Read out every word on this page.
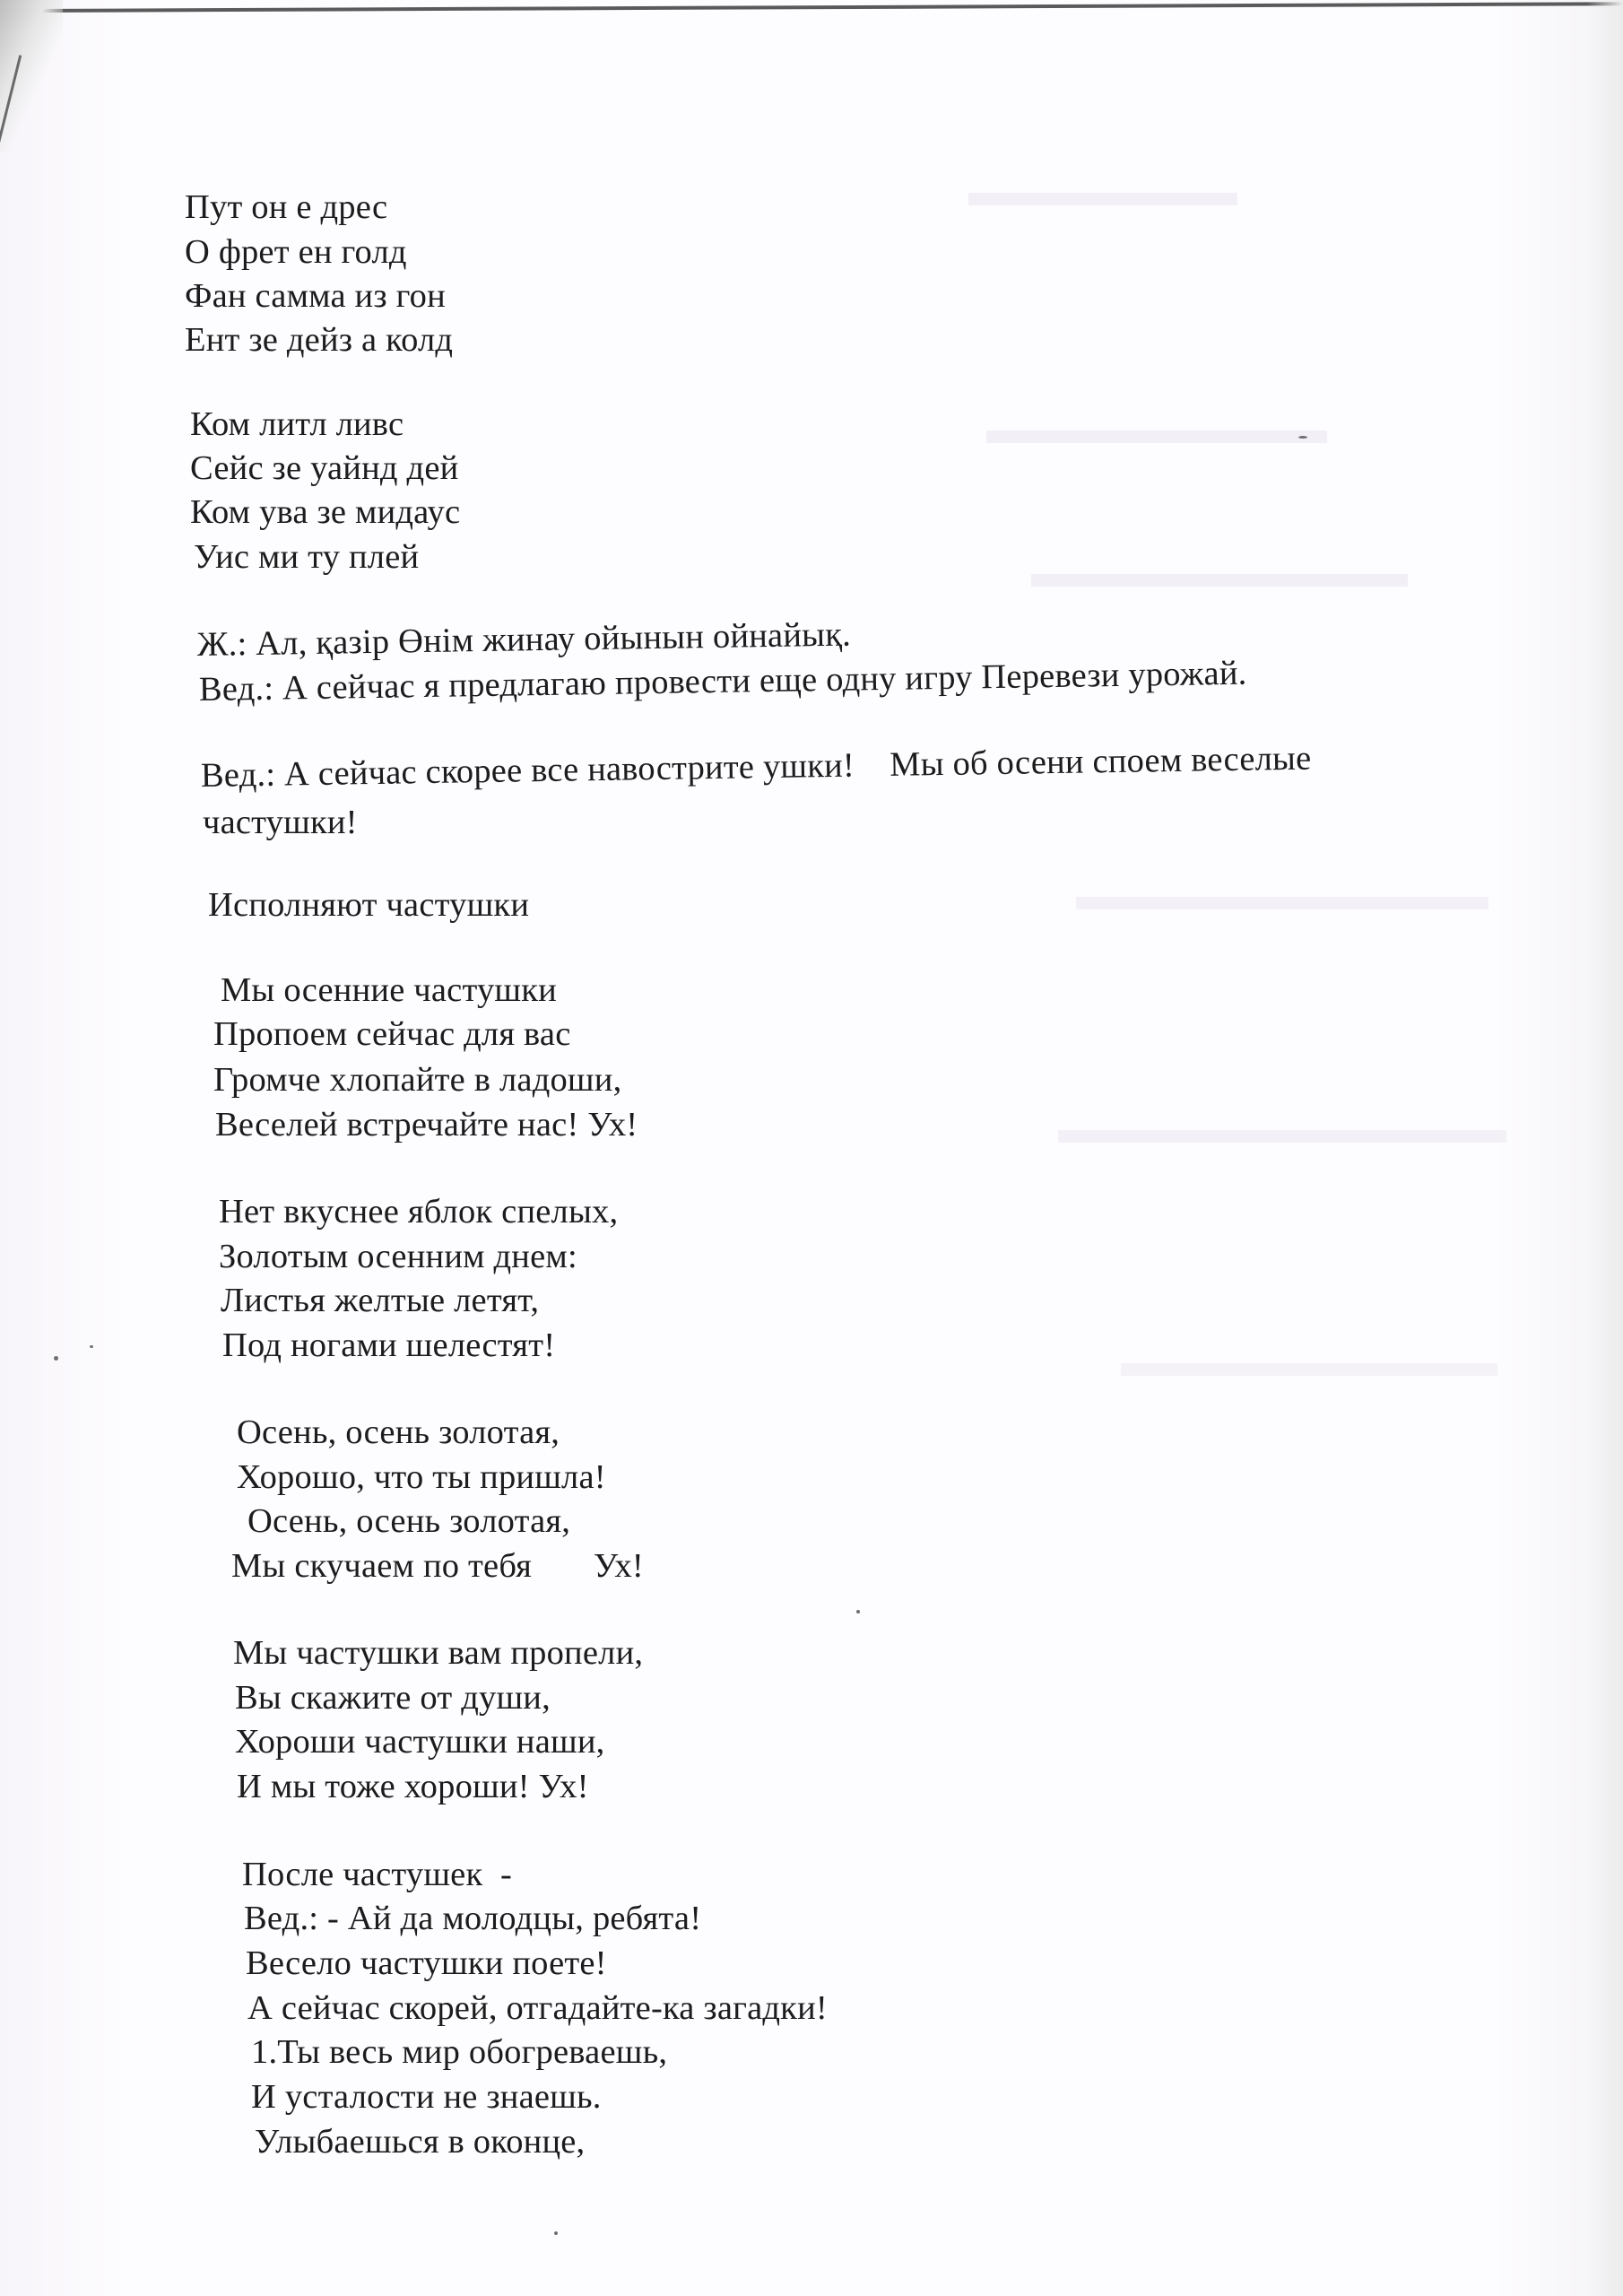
Пут он е дрес
О фрет ен голд
Фан самма из гон
Ент зе дейз а колд
Ком литл ливс
Сейс зе уайнд дей
Ком ува зе мидаус
Уис ми ту плей
Ж.: Ал, қазір Өнім жинау ойынын ойнайық.
Вед.: А сейчас я предлагаю провести еще одну игру Перевези урожай.
Вед.: А сейчас скорее все навострите ушки!    Мы об осени споем веселые
частушки!
Исполняют частушки
Мы осенние частушки
Пропоем сейчас для вас
Громче хлопайте в ладоши,
Веселей встречайте нас! Ух!
Нет вкуснее яблок спелых,
Золотым осенним днем:
Листья желтые летят,
Под ногами шелестят!
Осень, осень золотая,
Хорошо, что ты пришла!
Осень, осень золотая,
Мы скучаем по тебя       Ух!
Мы частушки вам пропели,
Вы скажите от души,
Хороши частушки наши,
И мы тоже хороши! Ух!
После частушек  -
Вед.: - Ай да молодцы, ребята!
Весело частушки поете!
А сейчас скорей, отгадайте-ка загадки!
1.Ты весь мир обогреваешь,
И усталости не знаешь.
Улыбаешься в оконце,
